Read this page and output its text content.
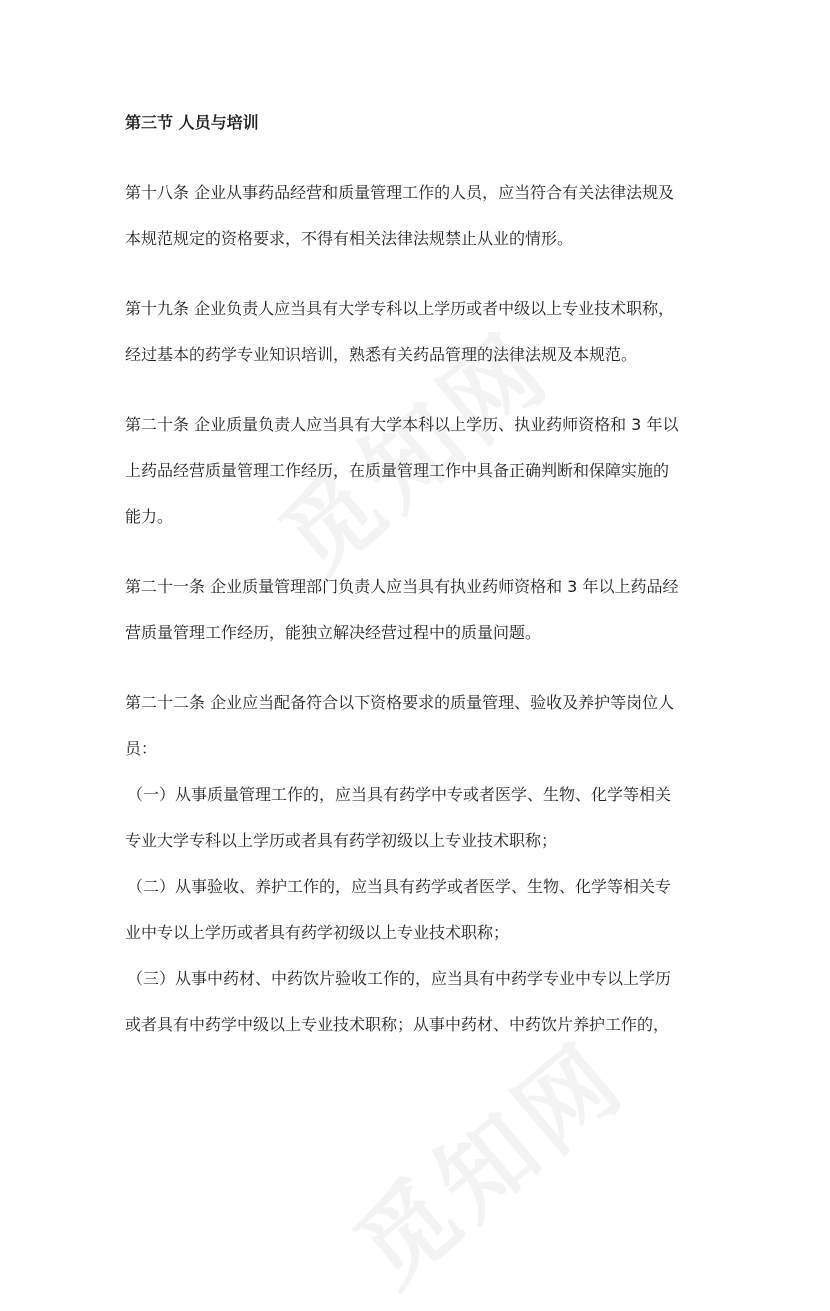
第三节 人员与培训
第十八条 企业从事药品经营和质量管理工作的人员，应当符合有关法律法规及
本规范规定的资格要求，不得有相关法律法规禁止从业的情形。
第十九条 企业负责人应当具有大学专科以上学历或者中级以上专业技术职称，
经过基本的药学专业知识培训，熟悉有关药品管理的法律法规及本规范。
第二十条 企业质量负责人应当具有大学本科以上学历、执业药师资格和 3 年以
上药品经营质量管理工作经历，在质量管理工作中具备正确判断和保障实施的
能力。
第二十一条 企业质量管理部门负责人应当具有执业药师资格和 3 年以上药品经
营质量管理工作经历，能独立解决经营过程中的质量问题。
第二十二条 企业应当配备符合以下资格要求的质量管理、验收及养护等岗位人
员：
（一）从事质量管理工作的，应当具有药学中专或者医学、生物、化学等相关
专业大学专科以上学历或者具有药学初级以上专业技术职称；
（二）从事验收、养护工作的，应当具有药学或者医学、生物、化学等相关专
业中专以上学历或者具有药学初级以上专业技术职称；
（三）从事中药材、中药饮片验收工作的，应当具有中药学专业中专以上学历
或者具有中药学中级以上专业技术职称；从事中药材、中药饮片养护工作的，
